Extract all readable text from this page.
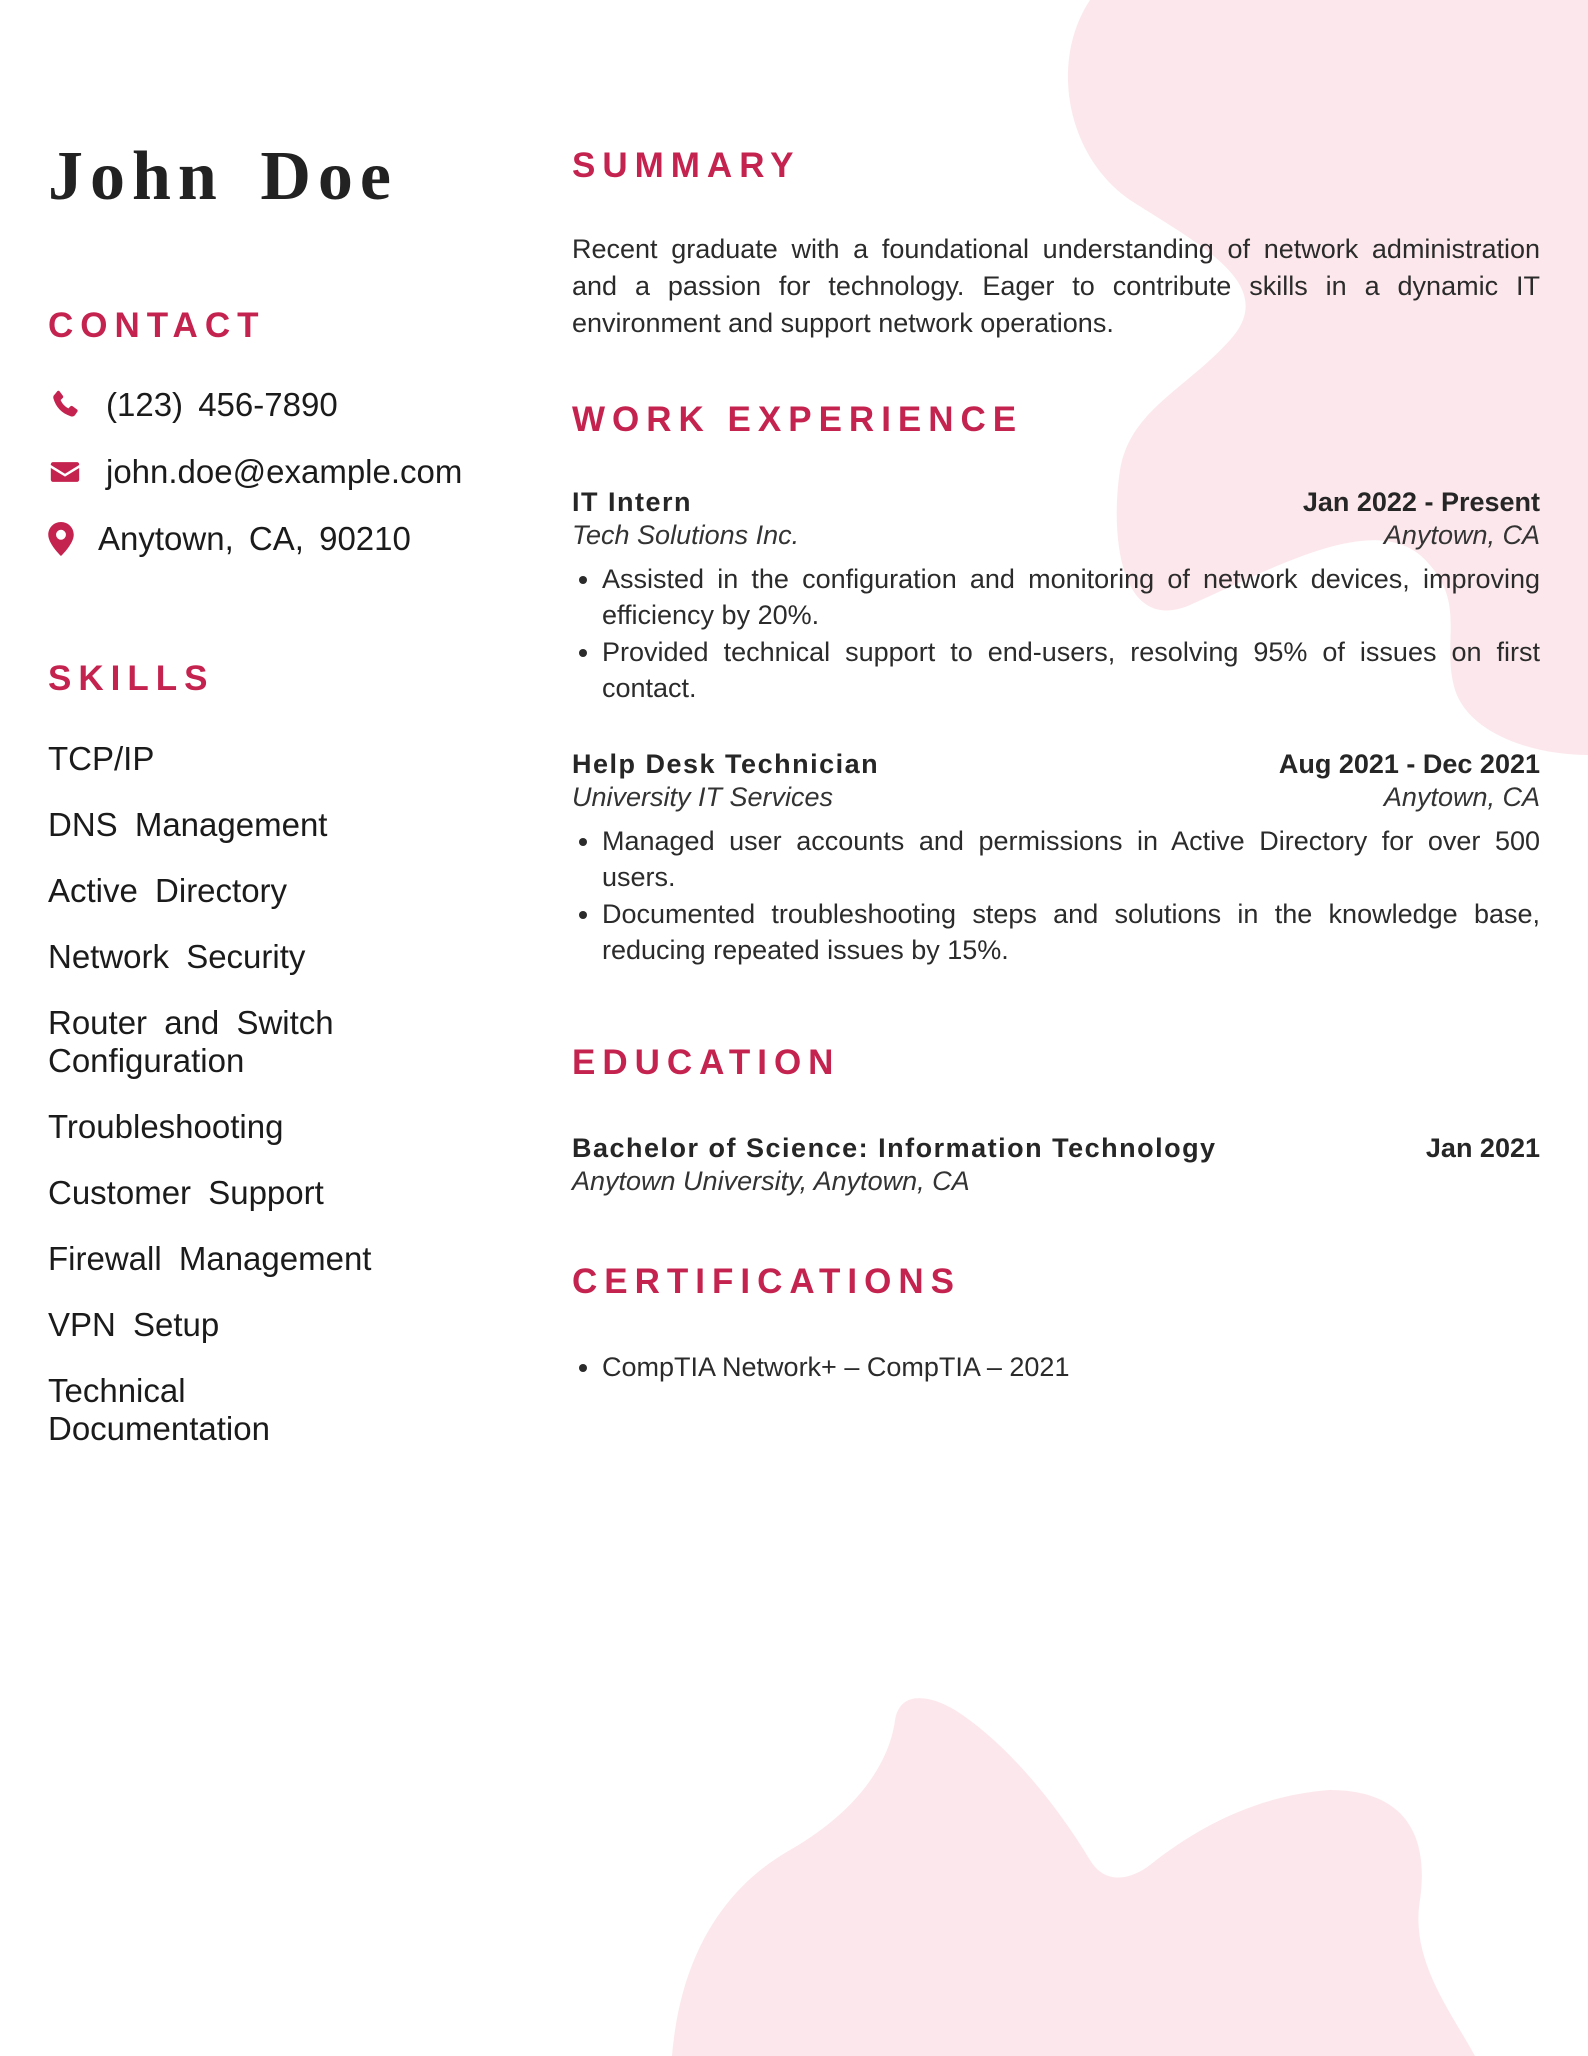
John Doe
CONTACT
(123) 456-7890
john.doe@example.com
Anytown, CA, 90210
SKILLS
TCP/IP
DNS Management
Active Directory
Network Security
Router and Switch Configuration
Troubleshooting
Customer Support
Firewall Management
VPN Setup
Technical Documentation
SUMMARY

Recent graduate with a foundational understanding of network administration and a passion for technology. Eager to contribute skills in a dynamic IT environment and support network operations.

WORK EXPERIENCE
IT Intern	Jan 2022 - Present
Tech Solutions Inc.	Anytown, CA
• Assisted in the configuration and monitoring of network devices, improving efficiency by 20%.
• Provided technical support to end-users, resolving 95% of issues on first contact.
Help Desk Technician	Aug 2021 - Dec 2021
University IT Services	Anytown, CA
• Managed user accounts and permissions in Active Directory for over 500 users.
• Documented troubleshooting steps and solutions in the knowledge base, reducing repeated issues by 15%.
EDUCATION
Bachelor of Science: Information Technology	Jan 2021
Anytown University, Anytown, CA
CERTIFICATIONS
• CompTIA Network+ – CompTIA – 2021
